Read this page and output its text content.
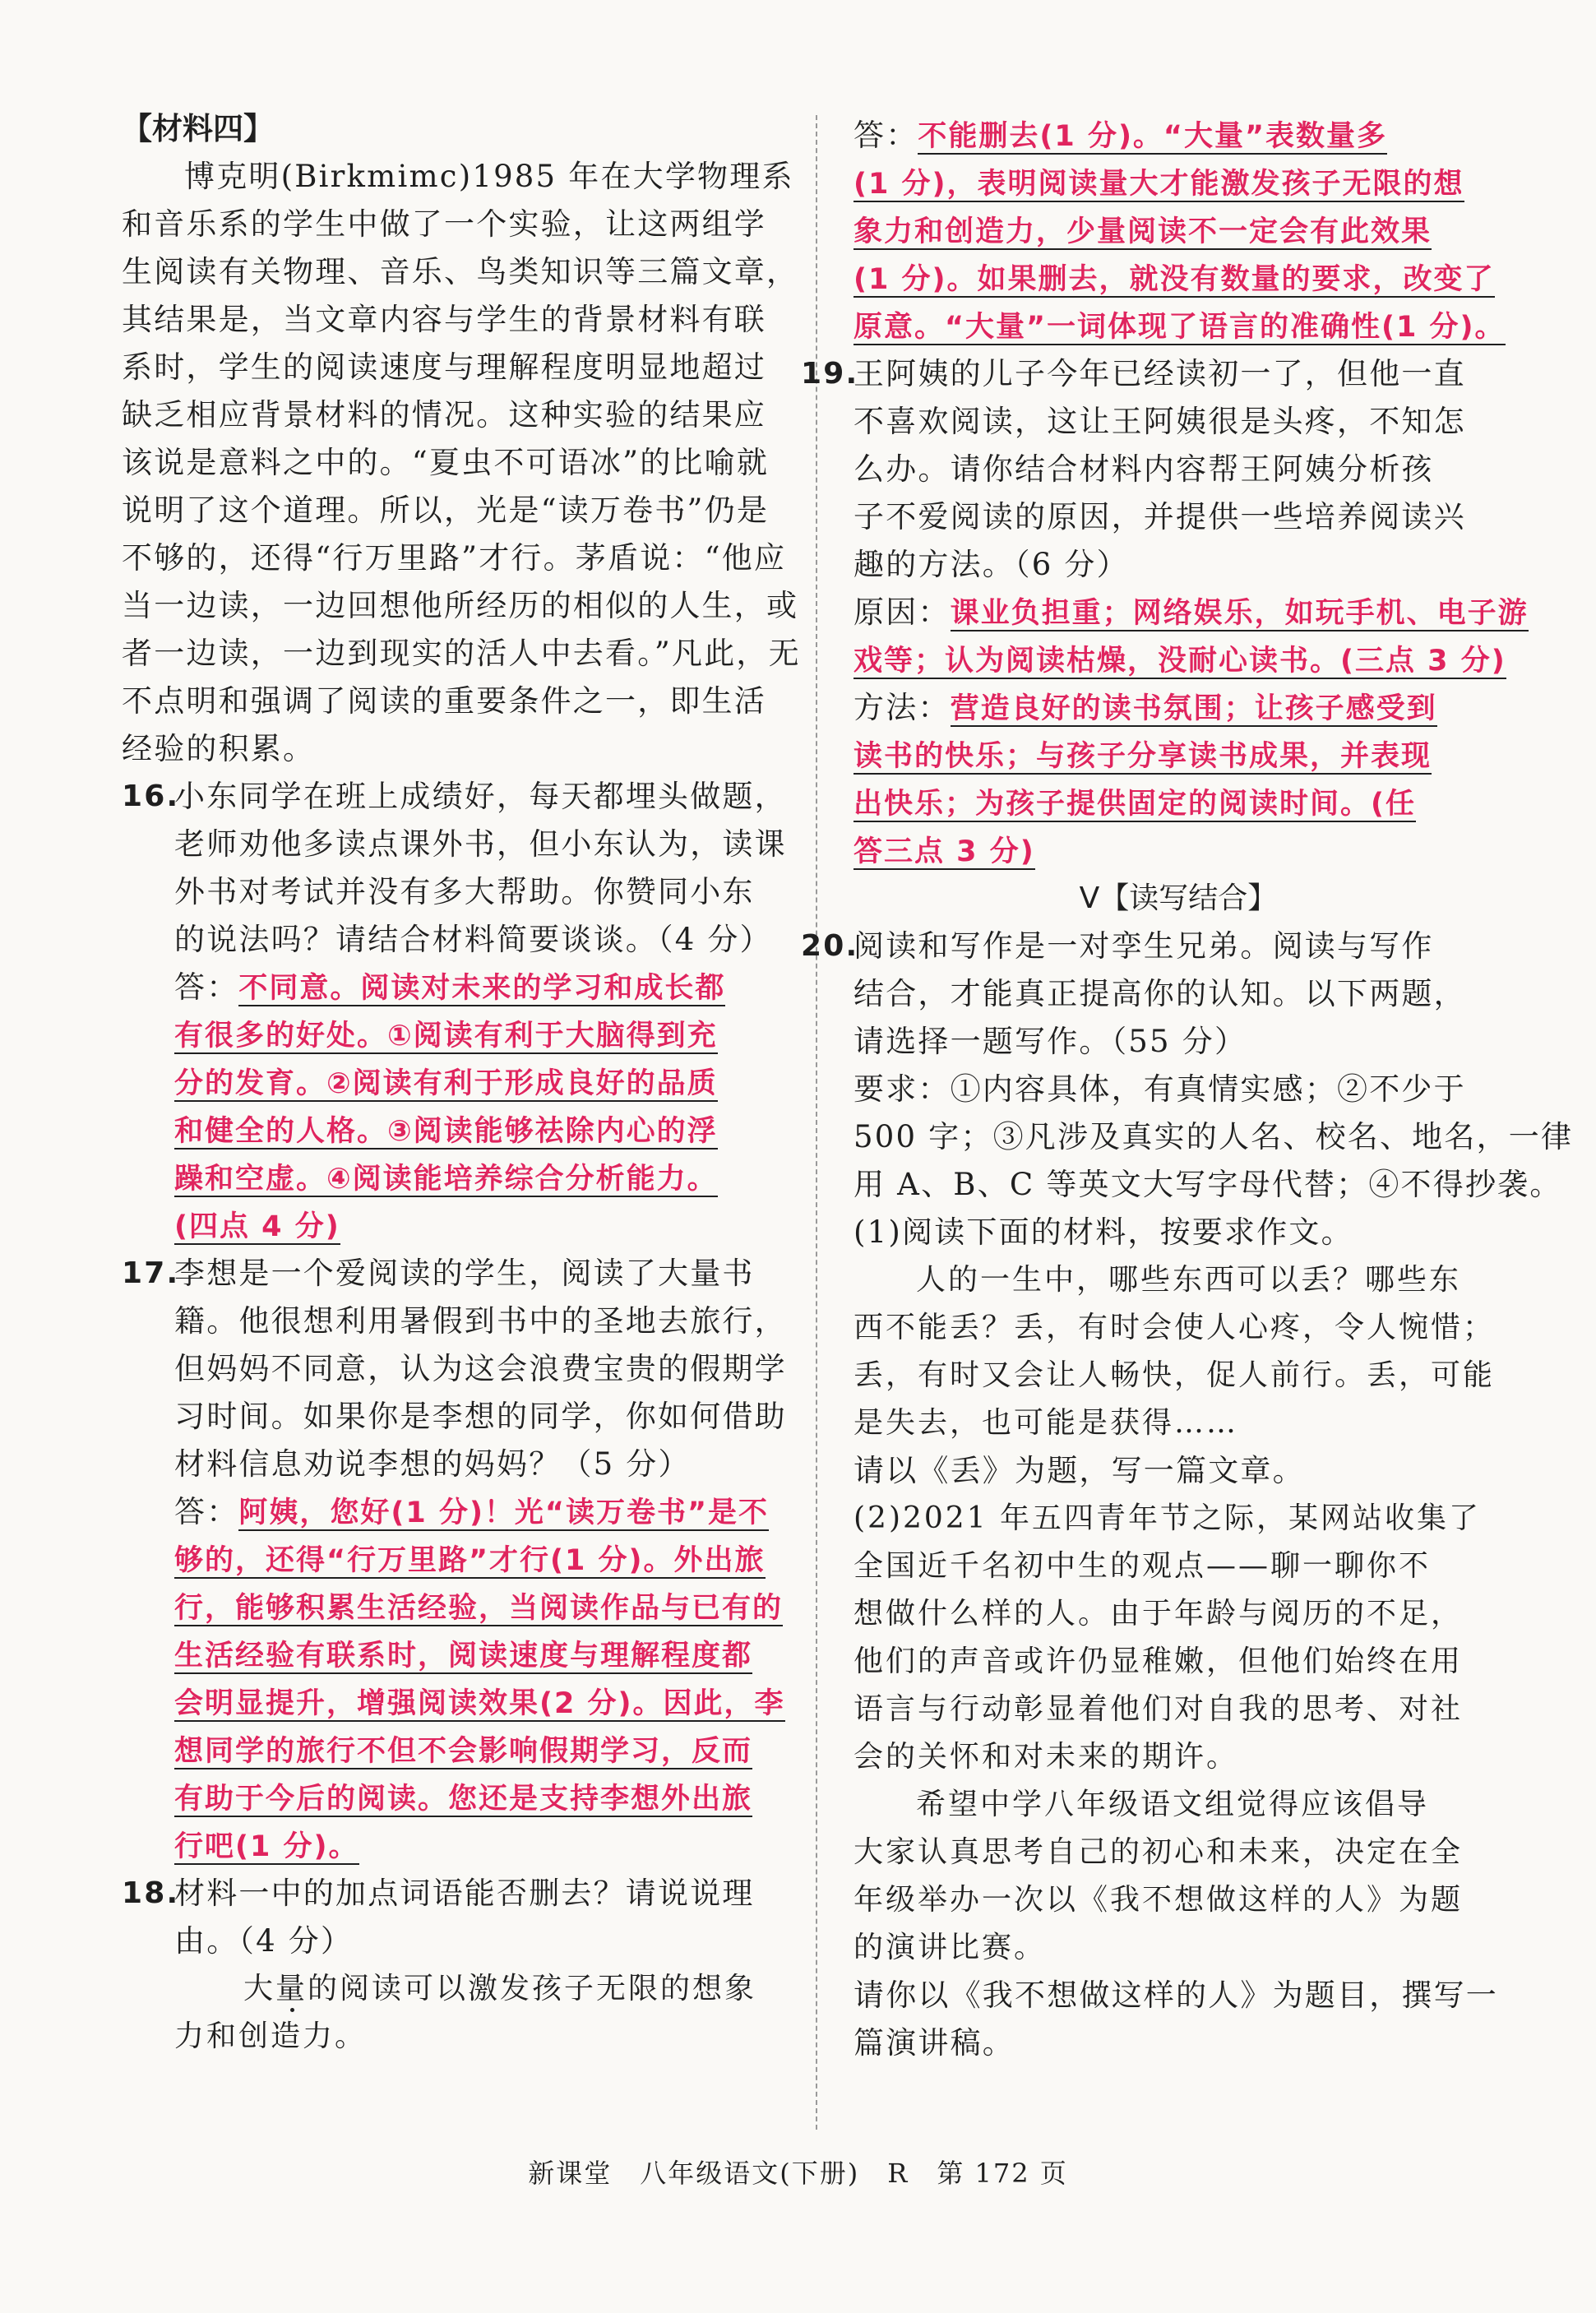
【材料四】
博克明(Birkmimc)1985 年在大学物理系
和音乐系的学生中做了一个实验，让这两组学
生阅读有关物理、音乐、鸟类知识等三篇文章，
其结果是，当文章内容与学生的背景材料有联
系时，学生的阅读速度与理解程度明显地超过
缺乏相应背景材料的情况。这种实验的结果应
该说是意料之中的。“夏虫不可语冰”的比喻就
说明了这个道理。所以，光是“读万卷书”仍是
不够的，还得“行万里路”才行。茅盾说：“他应
当一边读，一边回想他所经历的相似的人生，或
者一边读，一边到现实的活人中去看。”凡此，无
不点明和强调了阅读的重要条件之一，即生活
经验的积累。
16.
小东同学在班上成绩好，每天都埋头做题，
老师劝他多读点课外书，但小东认为，读课
外书对考试并没有多大帮助。你赞同小东
的说法吗？请结合材料简要谈谈。（4 分）
答：不同意。阅读对未来的学习和成长都
有很多的好处。①阅读有利于大脑得到充
分的发育。②阅读有利于形成良好的品质
和健全的人格。③阅读能够祛除内心的浮
躁和空虚。④阅读能培养综合分析能力。
(四点 4 分)
17.
李想是一个爱阅读的学生，阅读了大量书
籍。他很想利用暑假到书中的圣地去旅行，
但妈妈不同意，认为这会浪费宝贵的假期学
习时间。如果你是李想的同学，你如何借助
材料信息劝说李想的妈妈？（5 分）
答：阿姨，您好(1 分)！光“读万卷书”是不
够的，还得“行万里路”才行(1 分)。外出旅
行，能够积累生活经验，当阅读作品与已有的
生活经验有联系时，阅读速度与理解程度都
会明显提升，增强阅读效果(2 分)。因此，李
想同学的旅行不但不会影响假期学习，反而
有助于今后的阅读。您还是支持李想外出旅
行吧(1 分)。
18.
材料一中的加点词语能否删去？请说说理
由。（4 分）
大量的阅读可以激发孩子无限的想象
力和创造力。
答：不能删去(1 分)。“大量”表数量多
(1 分)，表明阅读量大才能激发孩子无限的想
象力和创造力，少量阅读不一定会有此效果
(1 分)。如果删去，就没有数量的要求，改变了
原意。“大量”一词体现了语言的准确性(1 分)。
19.
王阿姨的儿子今年已经读初一了，但他一直
不喜欢阅读，这让王阿姨很是头疼，不知怎
么办。请你结合材料内容帮王阿姨分析孩
子不爱阅读的原因，并提供一些培养阅读兴
趣的方法。（6 分）
原因：课业负担重；网络娱乐，如玩手机、电子游
戏等；认为阅读枯燥，没耐心读书。(三点 3 分)
方法：营造良好的读书氛围；让孩子感受到
读书的快乐；与孩子分享读书成果，并表现
出快乐；为孩子提供固定的阅读时间。(任
答三点 3 分)
Ⅴ【读写结合】
20.
阅读和写作是一对孪生兄弟。阅读与写作
结合，才能真正提高你的认知。以下两题，
请选择一题写作。（55 分）
要求：①内容具体，有真情实感；②不少于
500 字；③凡涉及真实的人名、校名、地名，一律
用 A、B、C 等英文大写字母代替；④不得抄袭。
(1)阅读下面的材料，按要求作文。
人的一生中，哪些东西可以丢？哪些东
西不能丢？丢，有时会使人心疼，令人惋惜；
丢，有时又会让人畅快，促人前行。丢，可能
是失去，也可能是获得……
请以《丢》为题，写一篇文章。
(2)2021 年五四青年节之际，某网站收集了
全国近千名初中生的观点——聊一聊你不
想做什么样的人。由于年龄与阅历的不足，
他们的声音或许仍显稚嫩，但他们始终在用
语言与行动彰显着他们对自我的思考、对社
会的关怀和对未来的期许。
希望中学八年级语文组觉得应该倡导
大家认真思考自己的初心和未来，决定在全
年级举办一次以《我不想做这样的人》为题
的演讲比赛。
请你以《我不想做这样的人》为题目，撰写一
篇演讲稿。
新课堂　八年级语文(下册)　R　第 172 页
